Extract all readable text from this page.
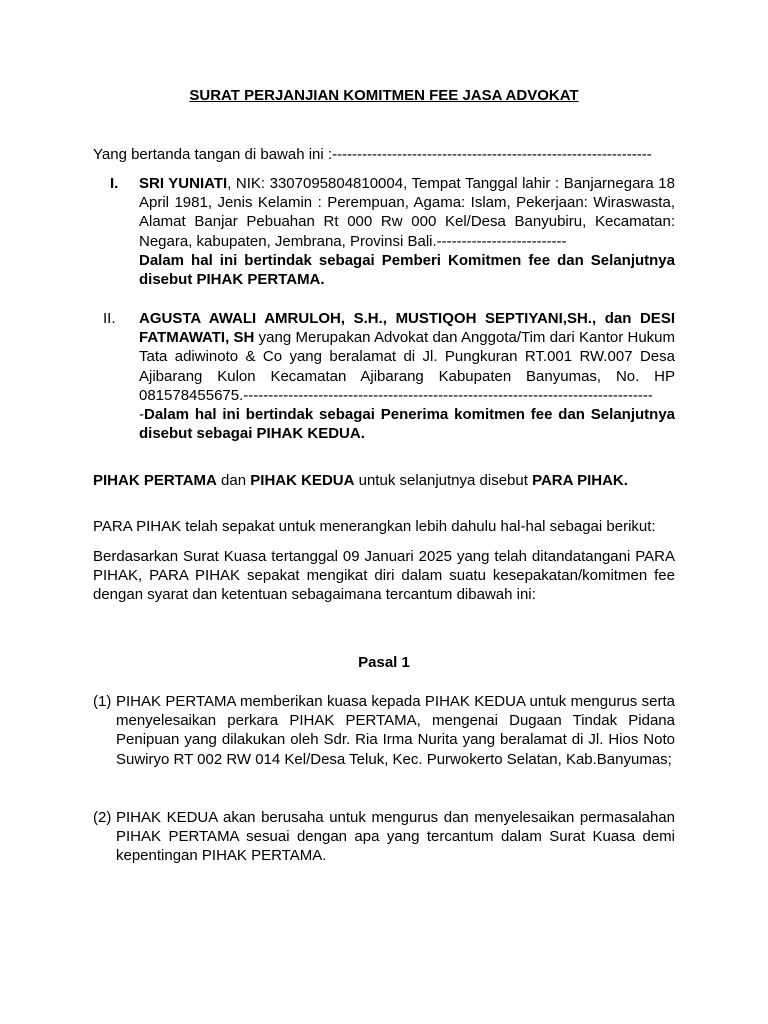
SURAT PERJANJIAN KOMITMEN FEE JASA ADVOKAT
Yang bertanda tangan di bawah ini :----------------------------------------------------------------
I. SRI YUNIATI, NIK: 3307095804810004, Tempat Tanggal lahir : Banjarnegara 18 April 1981, Jenis Kelamin : Perempuan, Agama: Islam, Pekerjaan: Wiraswasta, Alamat Banjar Pebuahan Rt 000 Rw 000 Kel/Desa Banyubiru, Kecamatan: Negara, kabupaten, Jembrana, Provinsi Bali.--------------------------
Dalam hal ini bertindak sebagai Pemberi Komitmen fee dan Selanjutnya disebut PIHAK PERTAMA.
II. AGUSTA AWALI AMRULOH, S.H., MUSTIQOH SEPTIYANI,SH., dan DESI FATMAWATI, SH yang Merupakan Advokat dan Anggota/Tim dari Kantor Hukum Tata adiwinoto & Co yang beralamat di Jl. Pungkuran RT.001 RW.007 Desa Ajibarang Kulon Kecamatan Ajibarang Kabupaten Banyumas, No. HP 081578455675.----------------------------------------------------------------------------------
-Dalam hal ini bertindak sebagai Penerima komitmen fee dan Selanjutnya disebut sebagai PIHAK KEDUA.
PIHAK PERTAMA dan PIHAK KEDUA untuk selanjutnya disebut PARA PIHAK.
PARA PIHAK telah sepakat untuk menerangkan lebih dahulu hal-hal sebagai berikut:
Berdasarkan Surat Kuasa tertanggal 09 Januari 2025 yang telah ditandatangani PARA PIHAK, PARA PIHAK sepakat mengikat diri dalam suatu kesepakatan/komitmen fee dengan syarat dan ketentuan sebagaimana tercantum dibawah ini:
Pasal 1
(1) PIHAK PERTAMA memberikan kuasa kepada PIHAK KEDUA untuk mengurus serta menyelesaikan perkara PIHAK PERTAMA, mengenai Dugaan Tindak Pidana Penipuan yang dilakukan oleh Sdr. Ria Irma Nurita yang beralamat di Jl. Hios Noto Suwiryo RT 002 RW 014 Kel/Desa Teluk, Kec. Purwokerto Selatan, Kab.Banyumas;
(2) PIHAK KEDUA akan berusaha untuk mengurus dan menyelesaikan permasalahan PIHAK PERTAMA sesuai dengan apa yang tercantum dalam Surat Kuasa demi kepentingan PIHAK PERTAMA.
